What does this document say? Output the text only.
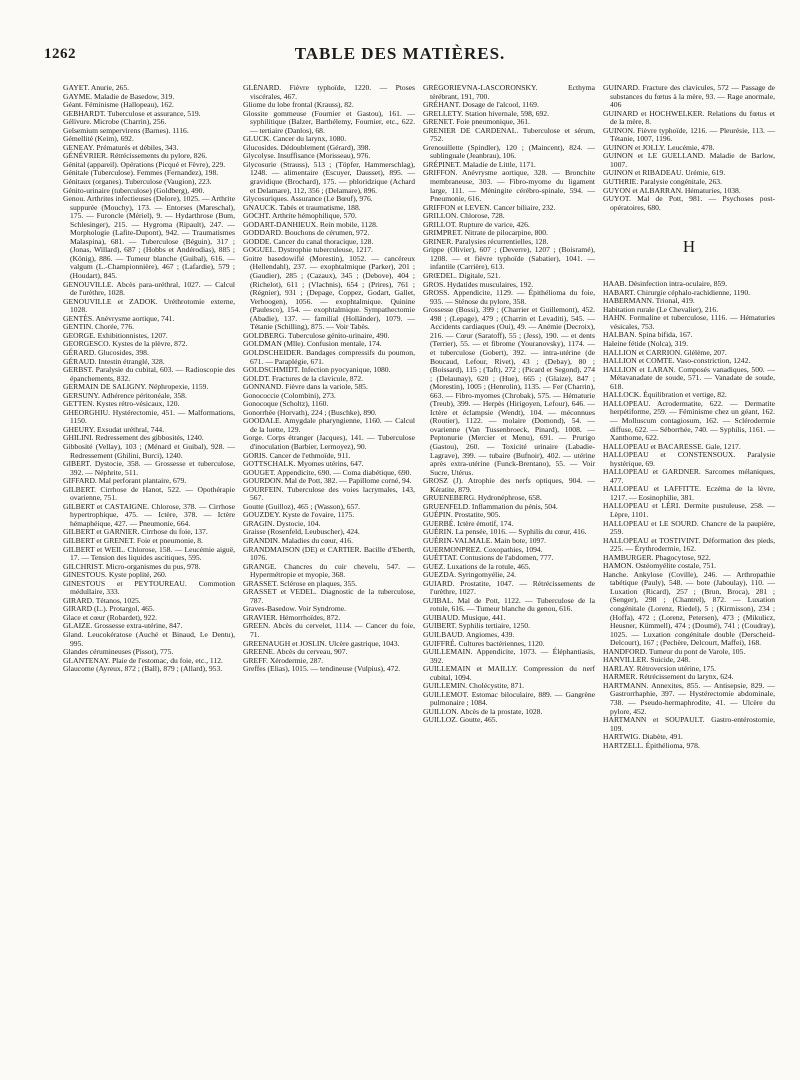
1262	TABLE DES MATIÈRES.

GAYET. Anurie, 265.

GAYME. Maladie de Basedow, 319.

Géant. Féminisme (Hallopeau), 162.

GEBHARDT. Tuberculose et assurance, 519.

Gélivure. Microbe (Charrin), 256.

Gelsemium sempervirens (Barnes). 1116.

Gémellité (Keim), 692.

GENEAY. Prématurés et débiles, 343.

GÉNÉVRIER. Rétrécissements du pylore, 826.

Génital (appareil). Opérations (Picqué et Fèvre), 229.

Génitale (Tuberculose). Femmes (Fernandez), 198.

Génitaux (organes). Tuberculose (Vaugion), 223.

Génito-urinaire (tuberculose) (Goldberg), 490.

Genou. Arthrites infectieuses (Delore), 1025. — Arthrite suppurée (Mouchy), 173. — Entorses (Mareschal), 175. — Furoncle (Mériel), 9. — Hydarthrose (Bum, Schlesinger), 215. — Hygroma (Ripault), 247. — Morphologie (Lafite-Dupont), 942. — Traumatismes Malaspina), 681. — Tuberculose (Béguin), 317 ; (Jonas, Willard), 687 ; (Hobbs et Andérodias), 885 ; (König), 886. — Tumeur blanche (Guibal), 616. — valgum (L.-Championnière), 467 ; (Lafardie), 579 ; (Houdart), 845.

GENOUVILLE. Abcès para-uréthral, 1027. — Calcul de l'urèthre, 1028.

GENOUVILLE et ZADOK. Uréthrotomie externe, 1028.

GENTÈS. Anévrysme aortique, 741.

GENTIN. Chorée, 776.

GEORGE. Exhibitionnistes, 1207.

GEORGESCO. Kystes de la plèvre, 872.

GÉRARD. Glucosides, 398.

GÉRAUD. Intestin étranglé, 328.

GERBST. Paralysie du cubital, 603. — Radioscopie des épanchements, 832.

GERMAIN DE SALIGNY. Néphropexie, 1159.

GERSUNY. Adhérence péritonéale, 358.

GETTEN. Kystes rétro-vésicaux, 120.

GHEORGHIU. Hystérectomie, 451. — Malformations, 1150.

GHEURY. Exsudat uréthral, 744.

GHILINI. Redressement des gibbosités, 1240.

Gibbosité (Vellay), 103 ; (Ménard et Guibal), 928. — Redressement (Ghilini, Burci), 1240.

GIBERT. Dystocie, 358. — Grossesse et tuberculose, 392. — Néphrite, 511.

GIFFARD. Mal perforant plantaire, 679.

GILBERT. Cirrhose de Hanot, 522. — Opothérapie ovarienne, 751.

GILBERT et CASTAIGNE. Chlorose, 378. — Cirrhose hypertrophique, 475. — Ictère, 378. — Ictère hémaphéique, 427. — Pneumonie, 664.

GILBERT et GARNIER. Cirrhose du foie, 137.

GILBERT et GRENET. Foie et pneumonie, 8.

GILBERT et WEIL. Chlorose, 158. — Leucémie aiguë, 17. — Tension des liquides ascitiques, 595.

GILCHRIST. Micro-organismes du pus, 978.

GINESTOUS. Kyste poplité, 260.

GINESTOUS et PEYTOUREAU. Commotion médullaire, 333.

GIRARD. Tétanos, 1025.

GIRARD (L.). Protargol, 465.

Glace et cœur (Robardet), 922.

GLAIZE. Grossesse extra-utérine, 847.

Gland. Leucokératose (Auché et Binaud, Le Dentu), 995.

Glandes cérumineuses (Pissot), 775.

GLANTENAY. Plaie de l'estomac, du foie, etc., 112.

Glaucome (Ayreux, 872 ; (Ball), 879 ; (Allard), 953.

GLÉNARD. Fièvre typhoïde, 1220. — Ptoses viscérales, 467.

Gliome du lobe frontal (Krauss), 82.

Glossite gommeuse (Fournier et Gastou), 161. — syphilitique (Balzer, Barthélemy, Fournier, etc., 622. — tertiaire (Danlos), 68.

GLUCK. Cancer du larynx, 1080.

Glucosides. Dédoublement (Gérard), 398.

Glycolyse. Insuffisance (Morisseau), 976.

Glycosurie (Strauss), 513 ; (Töpfer, Hammerschlag), 1248. — alimentaire (Escuyer, Dausset), 895. — gravidique (Brochard), 175. — phloridzique (Achard et Delamare), 112, 356 ; (Delamare), 896.

Glycosuriques. Assurance (Le Bœuf), 976.

GNAUCK. Tabès et traumatisme, 188.

GOCHT. Arthrite hémophilique, 570.

GODART-DANHIEUX. Rein mobile, 1128.

GODDARD. Bouchons de cérumen, 972.

GODDE. Cancer du canal thoracique, 128.

GOGUEL. Dystrophie tuberculeuse, 1217.

Goitre basedowifié (Morestin), 1052. — cancéreux (Hellendahl), 237. — exophtalmique (Parker), 201 ; (Gaudier), 285 ; (Cazaux), 345 ; (Debove), 404 ; (Richelot), 611 ; (Vlachnis), 654 ; (Prires), 761 ; (Régnier), 931 ; (Depage, Coppez, Godart, Gallet, Verhoogen), 1056. — exophtalmique. Quinine (Paulesco), 154. — exophtalmique. Sympathectomie (Abadie), 137. — familial (Holländer), 1079. — Tétanie (Schilling), 875. — Voir Tabès.

GOLDBERG. Tuberculose génito-urinaire, 490.

GOLDMAN (Mlle). Confusion mentale, 174.

GOLDSCHEIDER. Bandages compressifs du poumon, 671. — Paraplégie, 671.

GOLDSCHMIDT. Infection pyocyanique, 1080.

GOLDT. Fractures de la clavicule, 872.

GONNAND. Fièvre dans la variole, 585.

Gonococcie (Colombini), 273.

Gonocoque (Scholtz), 1160.

Gonorrhée (Horvath), 224 ; (Buschke), 890.

GOODALE. Amygdale pharyngienne, 1160. — Calcul de la luette, 129.

Gorge. Corps étranger (Jacques), 141. — Tuberculose d'inoculation (Barbier, Lermoyez), 90.

GORIS. Cancer de l'ethmoïde, 911.

GOTTSCHALK. Myomes utérins, 647.

GOUGET. Appendicite, 690. — Coma diabétique, 690.

GOURDON. Mal de Pott, 382. — Papillome corné, 94.

GOURFEIN. Tuberculose des voies lacrymales, 143, 567.

Goutte (Guilloz), 465 ; (Wasson), 657.

GOUZDEY. Kyste de l'ovaire, 1175.

GRAGIN. Dystocie, 104.

Graisse (Rosenfeld, Leubuscher), 424.

GRANDIN. Maladies du cœur, 416.

GRANDMAISON (DE) et CARTIER. Bacille d'Eberth, 1076.

GRANGE. Chancres du cuir chevelu, 547. — Hypermétropie et myopie, 368.

GRASSET. Sclérose en plaques, 355.

GRASSET et VEDEL. Diagnostic de la tuberculose, 787.

Graves-Basedow. Voir Syndrome.

GRAVIER. Hémorrhoïdes, 872.

GREEN. Abcès du cervelet, 1114. — Cancer du foie, 71.

GREENAUGH et JOSLIN. Ulcère gastrique, 1043.

GREENE. Abcès du cerveau, 907.

GREFF. Xérodermie, 287.

Greffes (Elias), 1015. — tendineuse (Vulpius), 472.

GRÉGORIEVNA-LASCORONSKY. Ecthyma térébrant, 191, 700.

GRÉHANT. Dosage de l'alcool, 1169.

GRELLETY. Station hivernale, 598, 692.

GRENET. Foie pneumonique, 361.

GRENIER DE CARDENAL. Tuberculose et sérum, 752.

Grenouillette (Spindler), 120 ; (Maincent), 824. — sublinguale (Jeanbrau), 106.

GRÉPINET. Maladie de Little, 1171.

GRIFFON. Anévrysme aortique, 328. — Bronchite membraneuse, 303. — Fibro-myome du ligament large, 111. — Méningite cérébro-spinale, 594. — Pneumonie, 616.

GRIFFON et LEVEN. Cancer biliaire, 232.

GRILLON. Chlorose, 728.

GRILLOT. Rupture de varice, 426.

GRIMPRET. Nitrate de pilocarpine, 800.

GRINER. Paralysies récurrentielles, 128.

Grippe (Olivier), 607 ; (Deverre), 1207 ; (Boisramé), 1208. — et fièvre typhoïde (Sabatier), 1041. — infantile (Carrière), 613.

GRŒDEL. Digitale, 521.

GROS. Hydatides musculaires, 192.

GROSS. Appendicite, 1129. — Épithélioma du foie, 935. — Sténose du pylore, 358.

Grossesse (Bossi), 399 ; (Charrier et Guillemont), 452. 498 ; (Lepage), 479 ; (Charrin et Levaditi), 545. — Accidents cardiaques (Oui), 49. — Anémie (Decroix), 216. — Cœur (Saratoff), 55 ; (Jess), 190. — et dents (Terrier), 55. — et fibrome (Youranovsky), 1174. — et tuberculose (Gobert), 392. — intra-utérine (de Boucaud, Lefour, Rivet), 43 ; (Debay), 80 ; (Boissard), 115 ; (Taft), 272 ; (Picard et Segond), 274 ; (Delaunay), 620 ; (Hue), 665 ; (Glaize), 847 ; (Morestin), 1005 ; (Henrolin), 1135. — Fer (Charrin), 663. — Fibro-myomes (Chrobak), 575. — Hématurie (Treub), 399. — Herpès (Hirigoyen, Lefour), 646. — Ictère et éclampsie (Wendt), 104. — méconnues (Routier), 1122. — molaire (Domond), 54. — ovarienne (Van Tussenbroeck, Pinard), 1008. — Peptonurie (Mercier et Menu), 691. — Prurigo (Gastou), 260. — Toxicité urinaire (Labadie-Lagrave), 399. — tubaire (Bufnoir), 402. — utérine après extra-utérine (Funck-Brentano), 55. — Voir Sucre, Utérus.

GROSZ (J). Atrophie des nerfs optiques, 904. — Kératite, 879.

GRUENEBERG. Hydronéphrose, 658.

GRUENFELD. Inflammation du pénis, 504.

GUÉPIN. Prostatite, 905.

GUERBÉ. Ictère émotif, 174.

GUÉRIN. La pensée, 1016. — Syphilis du cœur, 416.

GUÉRIN-VALMALE. Main bote, 1097.

GUERMONPREZ. Coxopathies, 1094.

GUÉTTAT. Contusions de l'abdomen, 777.

GUEZ. Luxations de la rotule, 465.

GUEZDA. Syringomyélie, 24.

GUIARD. Prostatite, 1047. — Rétrécissements de l'urèthre, 1027.

GUIBAL. Mal de Pott, 1122. — Tuberculose de la rotule, 616. — Tumeur blanche du genou, 616.

GUIBAUD. Musique, 441.

GUIBERT. Syphilis tertiaire, 1250.

GUILBAUD. Angiomes, 439.

GUIFFRÉ. Cultures bactériennes, 1120.

GUILLEMAIN. Appendicite, 1073. — Éléphantiasis, 392.

GUILLEMAIN et MAILLY. Compression du nerf cubital, 1094.

GUILLEMIN. Cholécystite, 871.

GUILLEMOT. Estomac biloculaire, 889. — Gangrène pulmonaire ; 1084.

GUILLON. Abcès de la prostate, 1028.

GUILLOZ. Goutte, 465.

GUINARD. Fracture des clavicules, 572 — Passage de substances du fœtus à la mère, 93. — Rage anormale, 406

GUINARD et HOCHWELKER. Relations du fœtus et de la mère, 8.

GUINON. Fièvre typhoïde, 1216. — Pleurésie, 113. — Tétanie, 1007, 1196.

GUINON et JOLLY. Leucémie, 478.

GUINON et LE GUELLAND. Maladie de Barlow, 1007.

GUINON et RIBADEAU. Urémie, 619.

GUTHRIE. Paralysie congénitale, 263.

GUYON et ALBARRAN. Hématuries, 1038.

GUYOT. Mal de Pott, 981. — Psychoses post-opératoires, 680.

H

HAAB. Désinfection intra-oculaire, 859.

HABART. Chirurgie céphalo-rachidienne, 1190.

HABERMANN. Trional, 419.

Habitation rurale (Le Chevalier), 216.

HAHN. Formaline et tuberculose, 1116. — Hématuries vésicales, 753.

HALBAN. Spina bifida, 167.

Haleine fétide (Nolca), 319.

HALLION et CARRION. Glélème, 207.

HALLION et COMTE. Vaso-constriction, 1242.

HALLION et LARAN. Composés vanadiques, 500. — Métavanadate de soude, 571. — Vanadate de soude, 618.

HALLOCK. Équilibration et vertige, 82.

HALLOPEAU. Acrodermatite, 622. — Dermatite herpétiforme, 259. — Féminisme chez un géant, 162. — Molluscum contagiosum, 162. — Sclérodermie diffuse, 622. — Séborrhée, 740. — Syphilis, 1161. — Xanthome, 622.

HALLOPEAU et BACARESSE. Gale, 1217.

HALLOPEAU et CONSTENSOUX. Paralysie hystérique, 69.

HALLOPEAU et GARDNER. Sarcomes mélaniques, 477.

HALLOPEAU et LAFFITTE. Eczéma de la lèvre, 1217. — Eosinophilie, 381.

HALLOPEAU et LÉRI. Dermite pustuleuse, 258. — Lèpre, 1101.

HALLOPEAU et LE SOURD. Chancre de la paupière, 259.

HALLOPEAU et TOSTIVINT. Déformation des pieds, 225. — Érythrodermie, 162.

HAMBURGER. Phagocytose, 922.

HAMON. Ostéomyélite costale, 751.

Hanche. Ankylose (Coville), 246. — Arthropathie tabétique (Pauly), 548. — bote (Jaboulay), 110. — Luxation (Ricard), 257 ; (Brun, Broca), 281 ; (Senger), 298 ; (Chantrel), 872. — Luxation congénitale (Lorenz, Riedel), 5 ; (Kirmisson), 234 ; (Hoffa), 472 ; (Lorenz, Petersen), 473 ; (Mikulicz, Heusner, Kümmell), 474 ; (Doumé), 741 ; (Coudray), 1025. — Luxation congénitale double (Derscheid-Delcourt), 167 ; (Pechère, Delcourt, Maffei), 168.

HANDFORD. Tumeur du pont de Varole, 105.

HANVILLER. Suicide, 248.

HARLAY. Rétroversion utérine, 175.

HARMER. Rétrécissement du larynx, 624.

HARTMANN. Annexites, 855. — Antisepsie, 829. — Gastrorrhaphie, 397. — Hystérectomie abdominale, 738. — Pseudo-hermaphrodite, 41. — Ulcère du pylore, 452.

HARTMANN et SOUPAULT. Gastro-entérostomie, 109.

HARTWIG. Diabète, 491.

HARTZELL. Épithélioma, 978.
